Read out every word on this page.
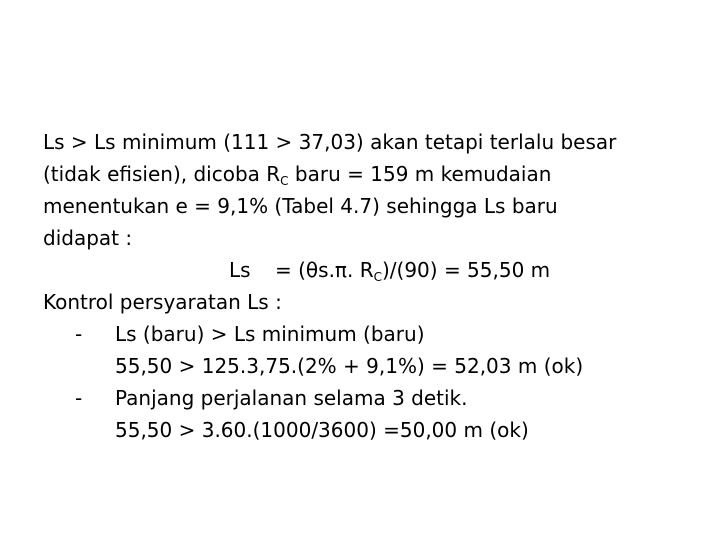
Ls > Ls minimum (111 > 37,03) akan tetapi terlalu besar
(tidak efisien), dicoba $R_C$ baru = 159 m kemudaian
menentukan e = 9,1% (Tabel 4.7) sehingga Ls baru
didapat :
Ls = (θs.π. $R_C)/(90) = 55,50$ m
Kontrol persyaratan Ls :
- Ls (baru) > Ls minimum (baru)
55,50 > 125.3,75.(2% + 9,1%) = 52,03 m (ok)
- Panjang perjalanan selama 3 detik.
55,50 > 3.60.(1000/3600) =50,00 m (ok)
